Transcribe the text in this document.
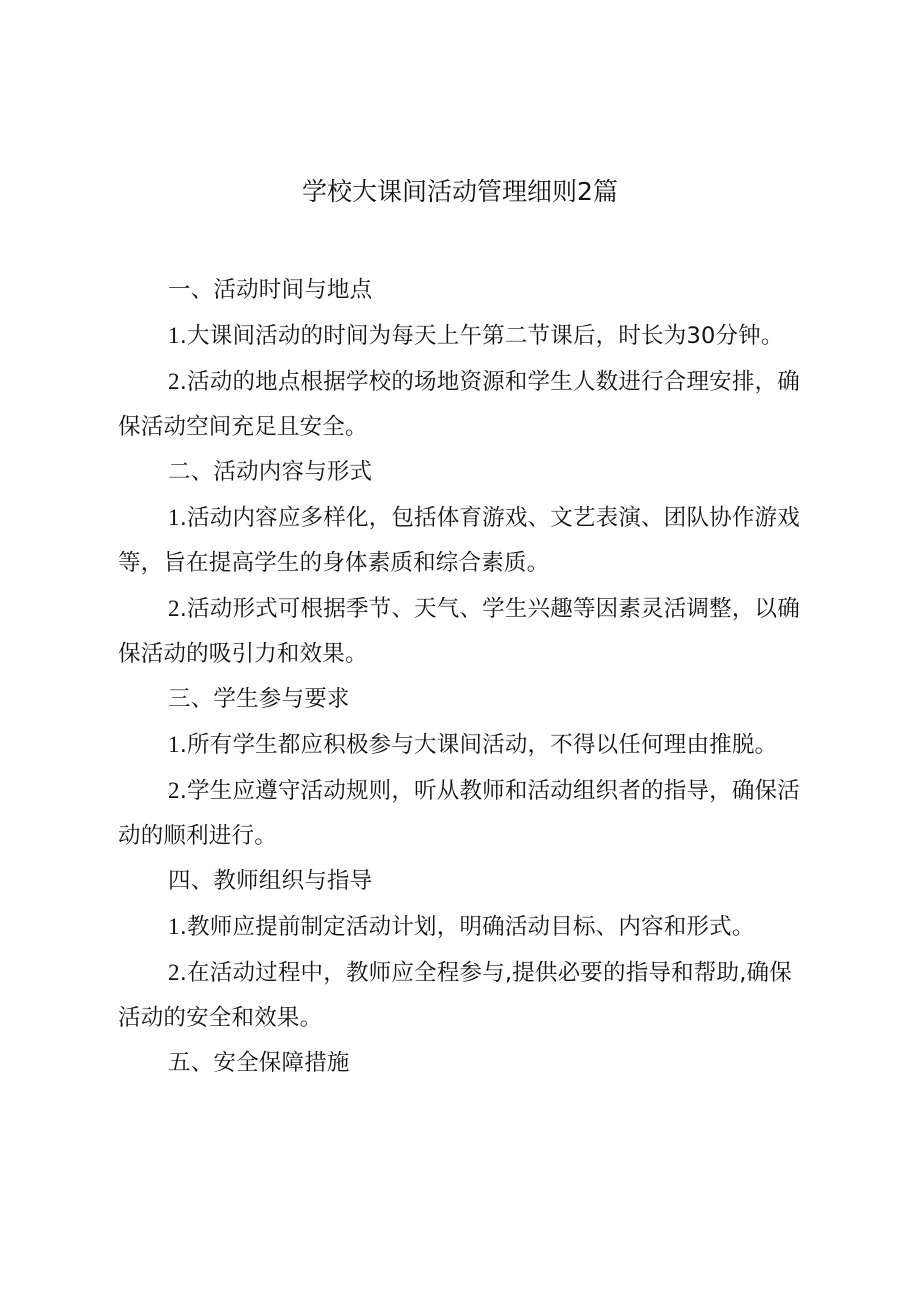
学校大课间活动管理细则2篇

一、活动时间与地点

1.大课间活动的时间为每天上午第二节课后，时长为30分钟。

2.活动的地点根据学校的场地资源和学生人数进行合理安排，确保活动空间充足且安全。

二、活动内容与形式

1.活动内容应多样化，包括体育游戏、文艺表演、团队协作游戏等，旨在提高学生的身体素质和综合素质。

2.活动形式可根据季节、天气、学生兴趣等因素灵活调整，以确保活动的吸引力和效果。

三、学生参与要求

1.所有学生都应积极参与大课间活动，不得以任何理由推脱。

2.学生应遵守活动规则，听从教师和活动组织者的指导，确保活动的顺利进行。

四、教师组织与指导

1.教师应提前制定活动计划，明确活动目标、内容和形式。

2.在活动过程中，教师应全程参与,提供必要的指导和帮助,确保活动的安全和效果。

五、安全保障措施
